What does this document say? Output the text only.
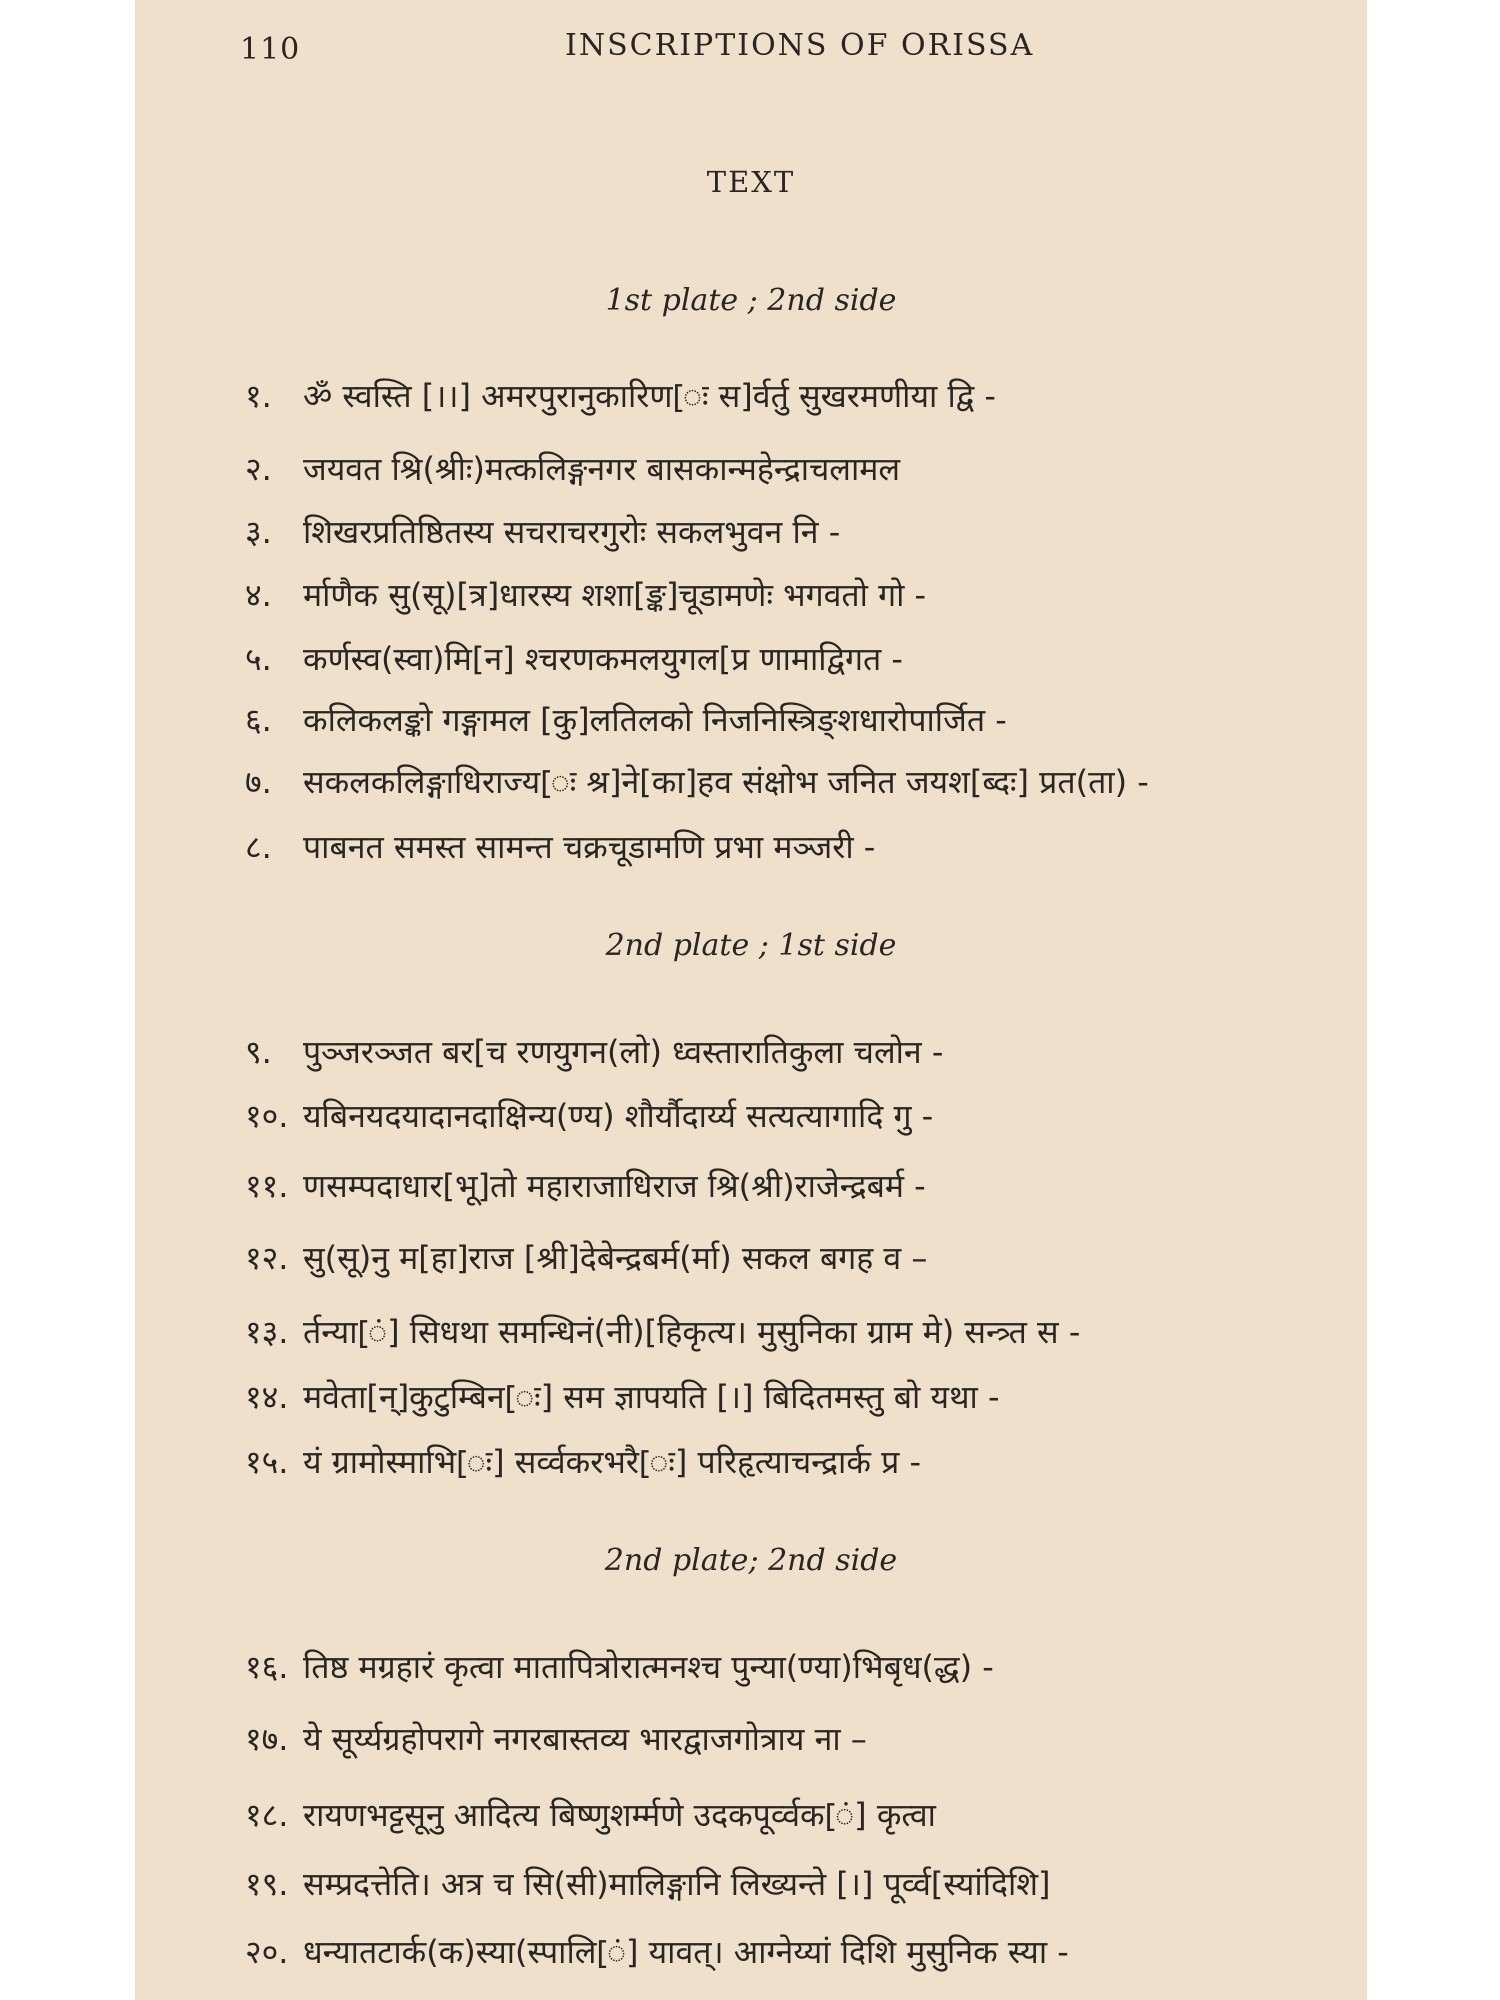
110	INSCRIPTIONS OF ORISSA
TEXT
1st plate ; 2nd side
१. ॐ स्वस्ति [।।] अमरपुरानुकारिण[ः स]र्वर्तु सुखरमणीया द्वि -
२. जयवत श्रि(श्रीः)मत्कलिङ्गनगर बासकान्महेन्द्राचलामल
३. शिखरप्रतिष्ठितस्य सचराचरगुरोः सकलभुवन नि -
४. र्माणैक सु(सू)[त्र]धारस्य शशा[ङ्क]चूडामणेः भगवतो गो -
५. कर्णस्व(स्वा)मि[न] श्चरणकमलयुगल[प्र णामाद्विगत -
६. कलिकलङ्को गङ्गामल [कु]लतिलको निजनिस्त्रिङ्शधारोपार्जित -
७. सकलकलिङ्गाधिराज्य[ः श्र]ने[का]हव संक्षोभ जनित जयश[ब्दः] प्रत(ता) -
८. पाबनत समस्त सामन्त चक्रचूडामणि प्रभा मञ्जरी -
2nd plate ; 1st side
९. पुञ्जरञ्जत बर[च रणयुगन(लो) ध्वस्तारातिकुला चलोन -
१०. यबिनयदयादानदाक्षिन्य(ण्य) शौर्यौदार्य्य सत्यत्यागादि गु -
११. णसम्पदाधार[भू]तो महाराजाधिराज श्रि(श्री)राजेन्द्रबर्म -
१२. सु(सू)नु म[हा]राज [श्री]देबेन्द्रबर्म(र्मा) सकल बगह व –
१३. र्तन्या[ं] सिधथा समन्धिनं(नी)[हिकृत्य। मुसुनिका ग्राम मे) सन्त्र्त स -
१४. मवेता[न्]कुटुम्बिन[ः] सम ज्ञापयति [।] बिदितमस्तु बो यथा -
१५. यं ग्रामोस्माभि[ः] सर्व्वकरभरै[ः] परिहृत्याचन्द्रार्क प्र -
2nd plate; 2nd side
१६. तिष्ठ मग्रहारं कृत्वा मातापित्रोरात्मनश्च पुन्या(ण्या)भिबृध(द्ध) -
१७. ये सूर्य्यग्रहोपरागे नगरबास्तव्य भारद्वाजगोत्राय ना –
१८. रायणभट्टसूनु आदित्य बिष्णुशर्म्मणे उदकपूर्व्वक[ं] कृत्वा
१९. सम्प्रदत्तेति। अत्र च सि(सी)मालिङ्गानि लिख्यन्ते [।] पूर्व्व[स्यांदिशि]
२०. धन्यातटार्क(क)स्या(स्पालि[ं] यावत्। आग्नेय्यां दिशि मुसुनिक स्या -
